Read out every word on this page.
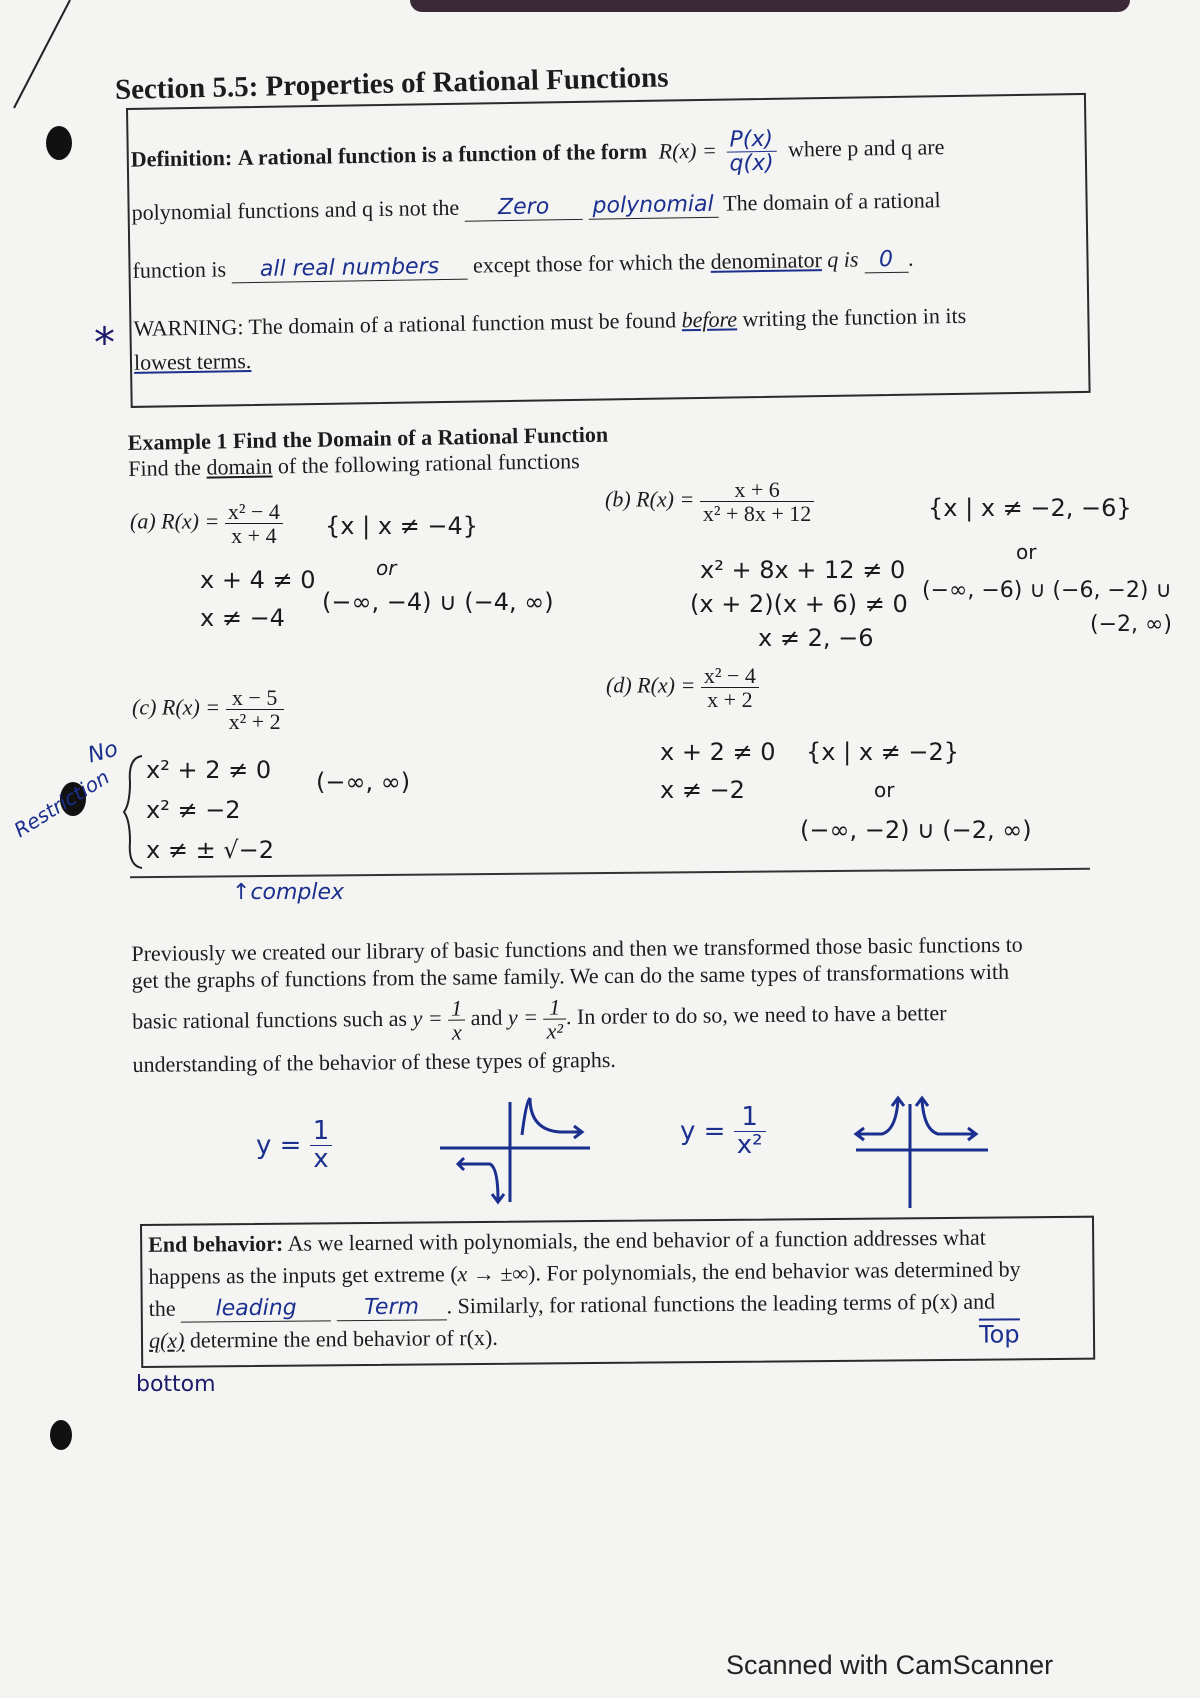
Section 5.5: Properties of Rational Functions
Definition: A rational function is a function of the form $R(x) = \frac{P(x)}{q(x)}$ where p and q are
polynomial functions and q is not the Zero polynomial The domain of a rational
function is all real numbers except those for which the denominator q is 0 .
WARNING: The domain of a rational function must be found before writing the function in its
lowest terms.
*
Example 1 Find the Domain of a Rational Function
Find the domain of the following rational functions
(a) $R(x) = \frac{\text{x² − 4}}{x + 4} \{x$ | x ≠ −4}
or
x + 4 ≠ 0
x ≠ −4
(−∞, −4) ∪ (−4, ∞)
(b) $R(x) = \frac{x + 6}{\text{x² + 8x + 12}}$	{x | x ≠ −2, −6}
or
(−∞, −6) ∪ (−6, −2) ∪
(−2, ∞)
x² + 8x + 12 ≠ 0
(x + 2)(x + 6) ≠ 0
x ≠ 2, −6
(c) $R(x) = \frac{x - 5}{\text{x² + 2}}$
x² + 2 ≠ 0
x² ≠ −2
x ≠ ± √−2
(−∞, ∞)
No
Restriction
↑complex
(d) $R(x) = \frac{\text{x² − 4}}{x + 2}$
x + 2 ≠ 0
x ≠ −2
{x | x ≠ −2}
or
(−∞, −2) ∪ (−2, ∞)
Previously we created our library of basic functions and then we transformed those basic functions to
get the graphs of functions from the same family. We can do the same types of transformations with
basic rational functions such as $y = \frac{1}{x}$ and $y = \frac{1}{\text{x²}}$ . In order to do so, we need to have a better
understanding of the behavior of these types of graphs.
$y = \frac{1}{x}$	$y = \frac{1}{\text{x²}}$
End behavior: As we learned with polynomials, the end behavior of a function addresses what
happens as the inputs get extreme (x → ±∞). For polynomials, the end behavior was determined by
the leading	Term . Similarly, for rational functions the leading terms of p(x) and
q(x) determine the end behavior of r(x).	Top
bottom
Scanned with CamScanner
